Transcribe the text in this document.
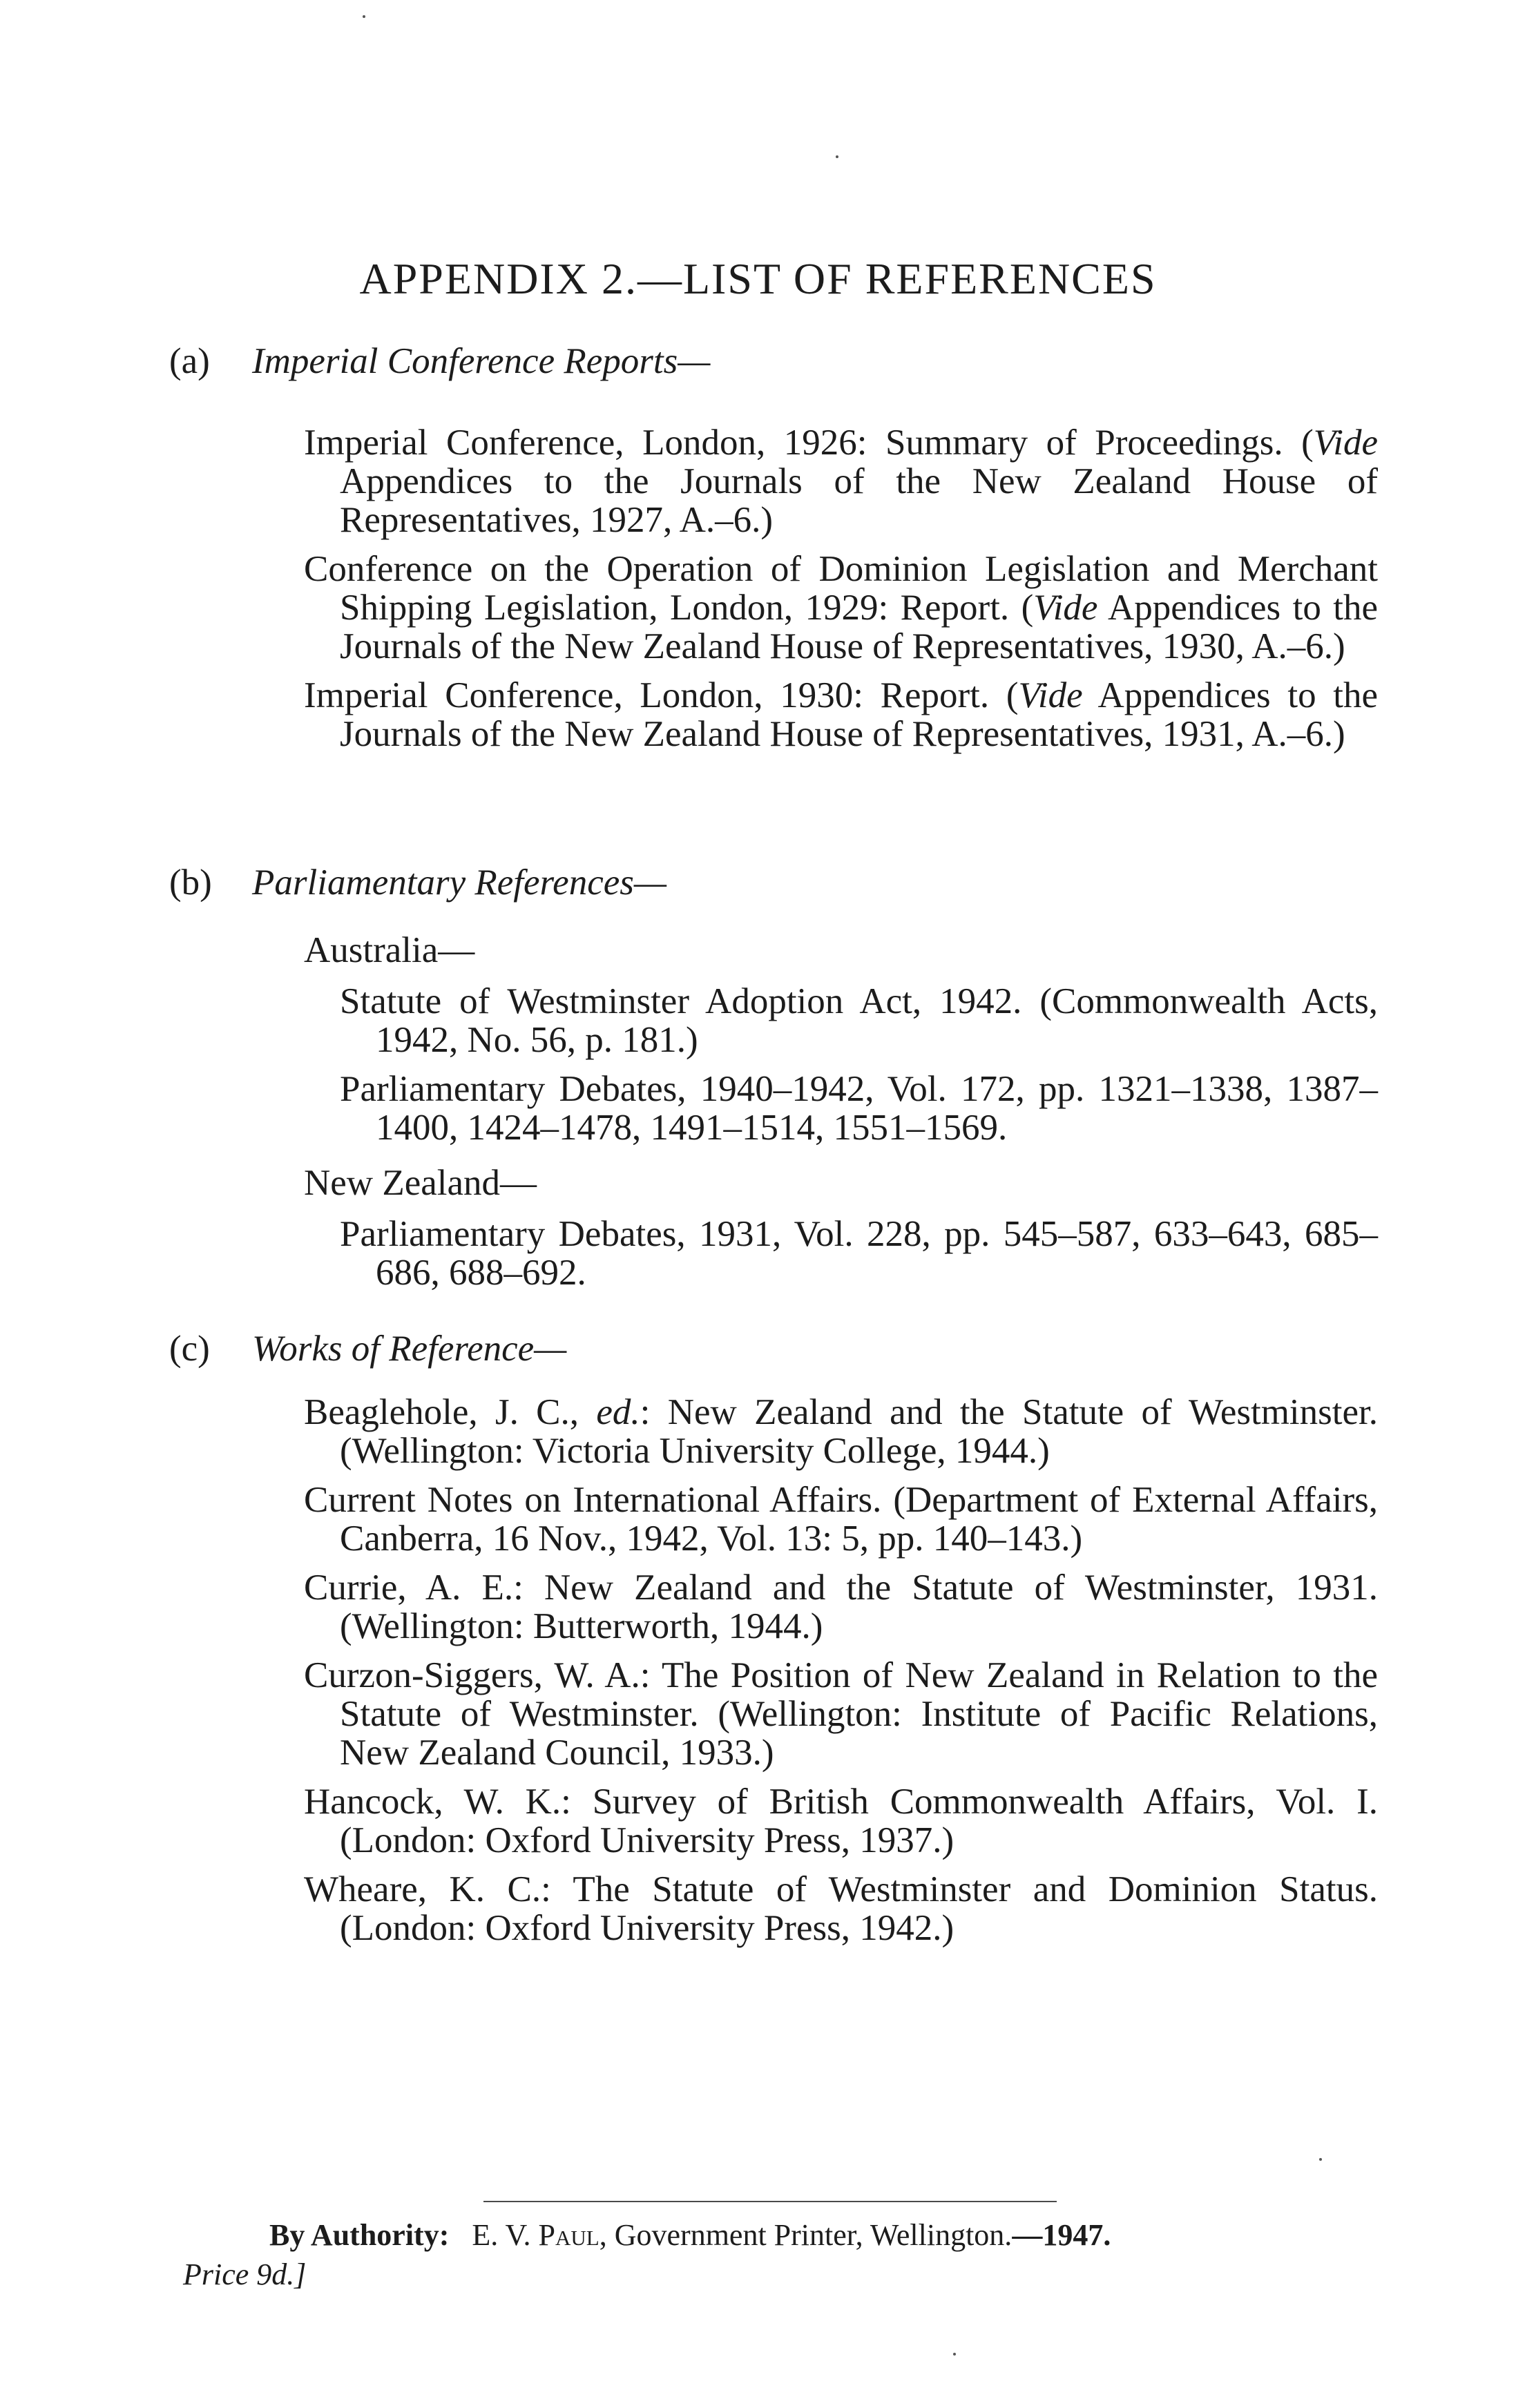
APPENDIX 2.—LIST OF REFERENCES
(a) Imperial Conference Reports—
Imperial Conference, London, 1926: Summary of Proceedings. (Vide Appendices to the Journals of the New Zealand House of Representatives, 1927, A.–6.)
Conference on the Operation of Dominion Legislation and Merchant Shipping Legislation, London, 1929: Report. (Vide Appendices to the Journals of the New Zealand House of Representatives, 1930, A.–6.)
Imperial Conference, London, 1930: Report. (Vide Appendices to the Journals of the New Zealand House of Representatives, 1931, A.–6.)
(b) Parliamentary References—
Australia—
Statute of Westminster Adoption Act, 1942. (Commonwealth Acts, 1942, No. 56, p. 181.)
Parliamentary Debates, 1940–1942, Vol. 172, pp. 1321–1338, 1387–1400, 1424–1478, 1491–1514, 1551–1569.
New Zealand—
Parliamentary Debates, 1931, Vol. 228, pp. 545–587, 633–643, 685–686, 688–692.
(c) Works of Reference—
Beaglehole, J. C., ed.: New Zealand and the Statute of Westminster. (Wellington: Victoria University College, 1944.)
Current Notes on International Affairs. (Department of External Affairs, Canberra, 16 Nov., 1942, Vol. 13: 5, pp. 140–143.)
Currie, A. E.: New Zealand and the Statute of Westminster, 1931. (Wellington: Butterworth, 1944.)
Curzon-Siggers, W. A.: The Position of New Zealand in Relation to the Statute of Westminster. (Wellington: Institute of Pacific Relations, New Zealand Council, 1933.)
Hancock, W. K.: Survey of British Commonwealth Affairs, Vol. I. (London: Oxford University Press, 1937.)
Wheare, K. C.: The Statute of Westminster and Dominion Status. (London: Oxford University Press, 1942.)
By Authority: E. V. Paul, Government Printer, Wellington.—1947.
Price 9d.]
